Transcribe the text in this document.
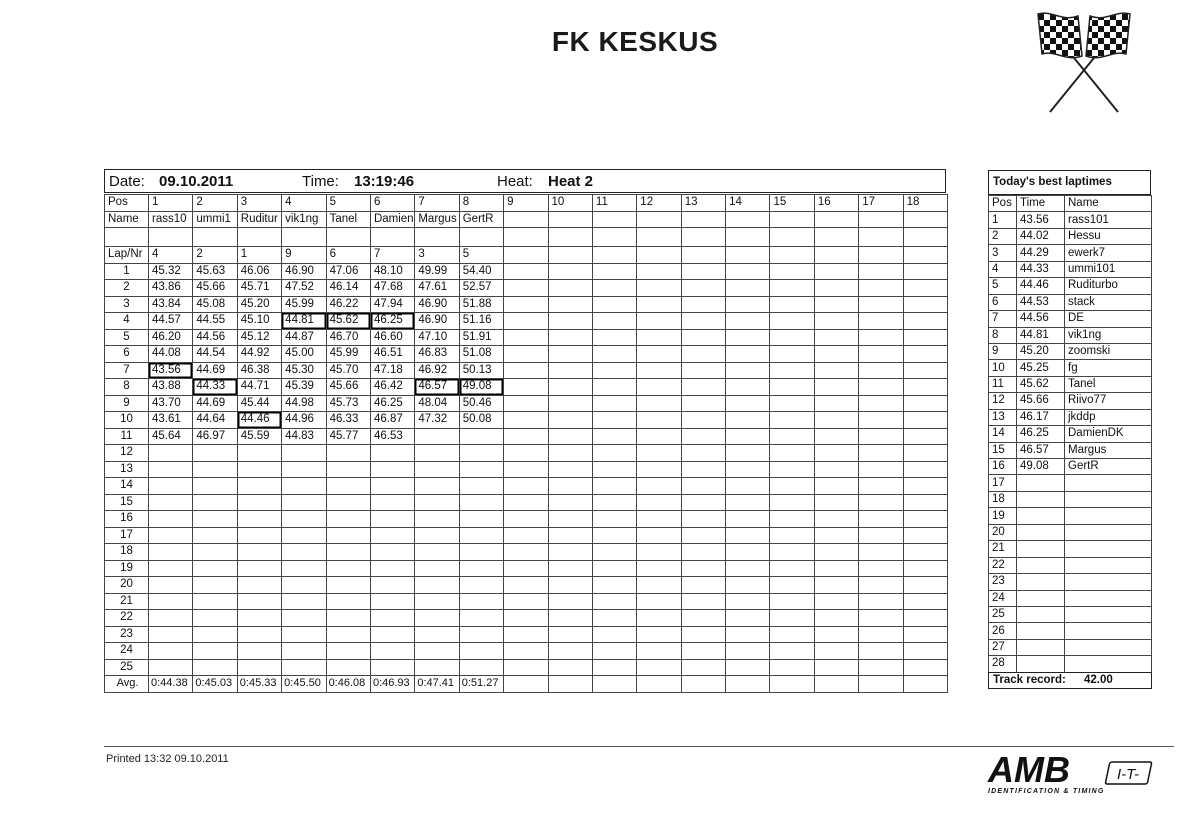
FK KESKUS
Date: 09.10.2011	Time: 13:19:46	Heat: Heat 2
Pos	1	2	3	4	5	6	7	8	9	10	11	12	13	14	15	16	17	18
Name	rass10	ummi1	Ruditur	vik1ng	Tanel	Damien	Margus	GertR										

Lap/Nr	4	2	1	9	6	7	3	5										
1	45.32	45.63	46.06	46.90	47.06	48.10	49.99	54.40										
2	43.86	45.66	45.71	47.52	46.14	47.68	47.61	52.57										
3	43.84	45.08	45.20	45.99	46.22	47.94	46.90	51.88										
4	44.57	44.55	45.10	44.81	45.62	46.25	46.90	51.16										
5	46.20	44.56	45.12	44.87	46.70	46.60	47.10	51.91										
6	44.08	44.54	44.92	45.00	45.99	46.51	46.83	51.08										
7	43.56	44.69	46.38	45.30	45.70	47.18	46.92	50.13										
8	43.88	44.33	44.71	45.39	45.66	46.42	46.57	49.08										
9	43.70	44.69	45.44	44.98	45.73	46.25	48.04	50.46										
10	43.61	44.64	44.46	44.96	46.33	46.87	47.32	50.08										
11	45.64	46.97	45.59	44.83	45.77	46.53												
12																		
13																		
14																		
15																		
16																		
17																		
18																		
19																		
20																		
21																		
22																		
23																		
24																		
25																		
Avg.	0:44.38	0:45.03	0:45.33	0:45.50	0:46.08	0:46.93	0:47.41	0:51.27										
Today's best laptimes
Pos	Time	Name
1	43.56	rass101
2	44.02	Hessu
3	44.29	ewerk7
4	44.33	ummi101
5	44.46	Ruditurbo
6	44.53	stack
7	44.56	DE
8	44.81	vik1ng
9	45.20	zoomski
10	45.25	fg
11	45.62	Tanel
12	45.66	Riivo77
13	46.17	jkddp
14	46.25	DamienDK
15	46.57	Margus
16	49.08	GertR
17		
18		
19		
20		
21		
22		
23		
24		
25		
26		
27		
28		
Track record: 42.00
Printed 13:32 09.10.2011	AMB	I-T-
IDENTIFICATION & TIMING
